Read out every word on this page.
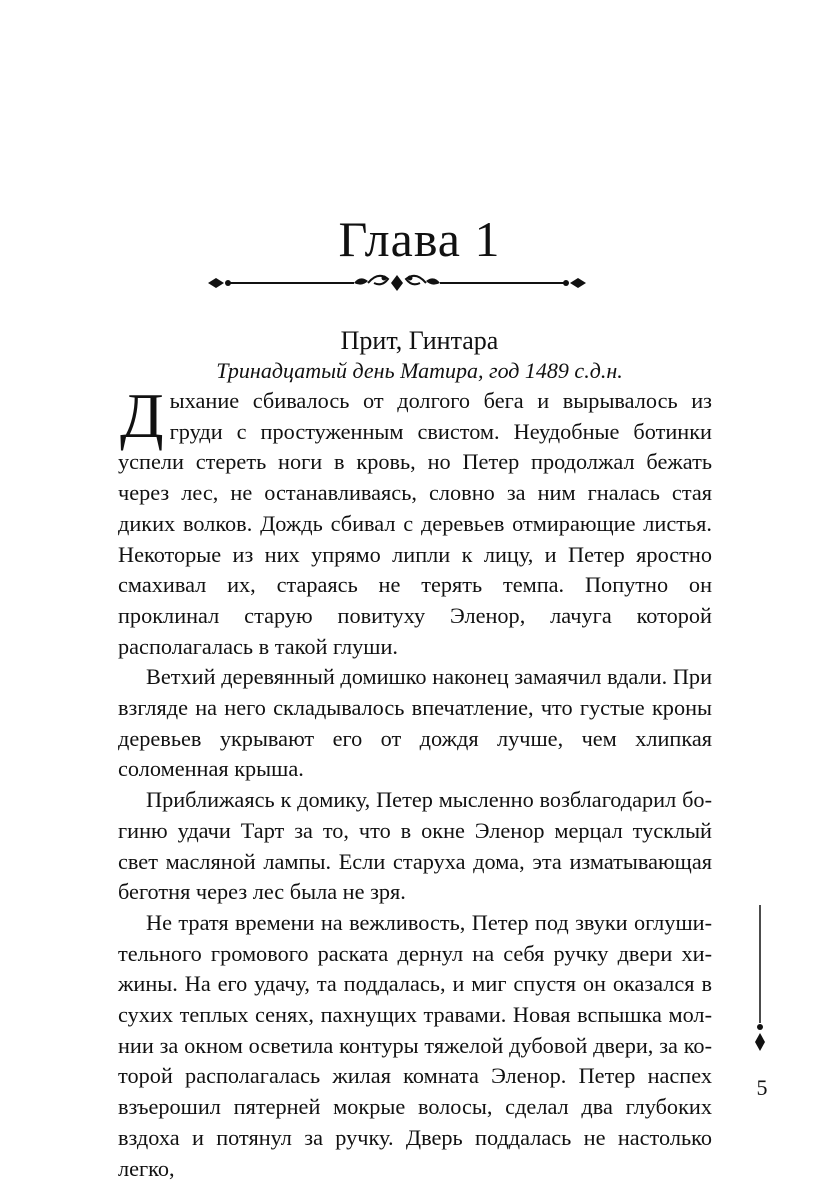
Глава 1
Прит, Гинтара
Тринадцатый день Матира, год 1489 с.д.н.

Дыхание сбивалось от долгого бега и вырывалось из груди с простуженным свистом. Неудобные ботинки успели стереть ноги в кровь, но Петер продолжал бежать через лес, не останавливаясь, словно за ним гналась стая диких волков. Дождь сбивал с деревьев отмирающие листья. Некоторые из них упрямо липли к лицу, и Петер яростно смахивал их, стараясь не терять темпа. Попутно он проклинал старую повитуху Эленор, лачуга которой располагалась в такой глуши.

Ветхий деревянный домишко наконец замаячил вдали. При взгляде на него складывалось впечатление, что густые кроны деревьев укрывают его от дождя лучше, чем хлипкая соломенная крыша.

Приближаясь к домику, Петер мысленно возблагодарил богиню удачи Тарт за то, что в окне Эленор мерцал тусклый свет масляной лампы. Если старуха дома, эта изматывающая беготня через лес была не зря.

Не тратя времени на вежливость, Петер под звуки оглушительного громового раската дернул на себя ручку двери хижины. На его удачу, та поддалась, и миг спустя он оказался в сухих теплых сенях, пахнущих травами. Новая вспышка молнии за окном осветила контуры тяжелой дубовой двери, за которой располагалась жилая комната Эленор. Петер наспех взъерошил пятерней мокрые волосы, сделал два глубоких вздоха и потянул за ручку. Дверь поддалась не настолько легко,

5
